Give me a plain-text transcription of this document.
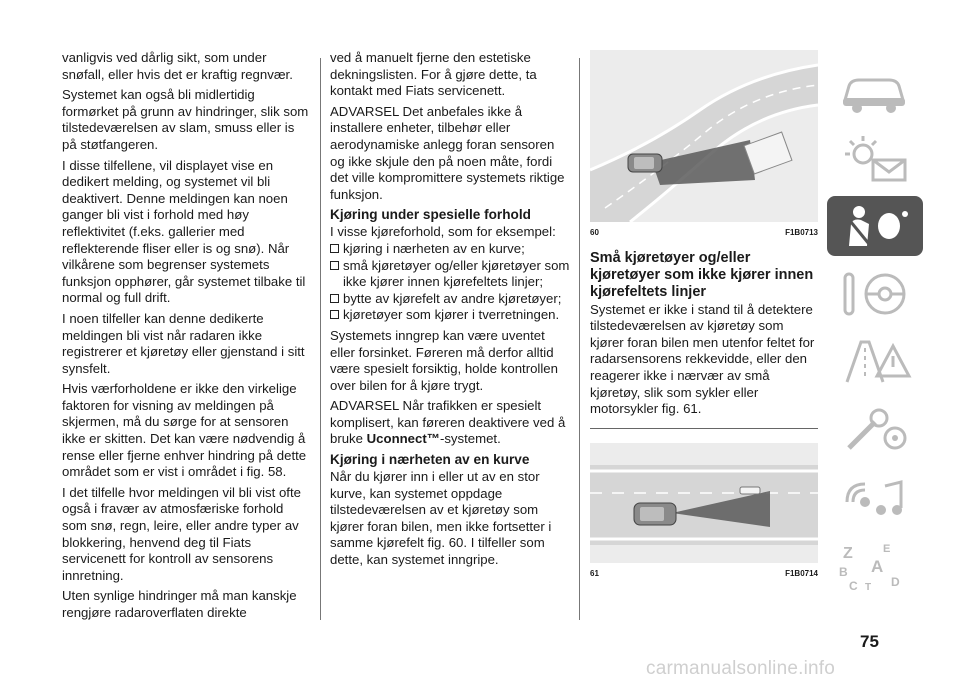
vanligvis ved dårlig sikt, som under snøfall, eller hvis det er kraftig regnvær.

Systemet kan også bli midlertidig formørket på grunn av hindringer, slik som tilstedeværelsen av slam, smuss eller is på støtfangeren.

I disse tilfellene, vil displayet vise en dedikert melding, og systemet vil bli deaktivert. Denne meldingen kan noen ganger bli vist i forhold med høy reflektivitet (f.eks. gallerier med reflekterende fliser eller is og snø). Når vilkårene som begrenser systemets funksjon opphører, går systemet tilbake til normal og full drift.

I noen tilfeller kan denne dedikerte meldingen bli vist når radaren ikke registrerer et kjøretøy eller gjenstand i sitt synsfelt.

Hvis værforholdene er ikke den virkelige faktoren for visning av meldingen på skjermen, må du sørge for at sensoren ikke er skitten. Det kan være nødvendig å rense eller fjerne enhver hindring på dette området som er vist i området i fig. 58.

I det tilfelle hvor meldingen vil bli vist ofte også i fravær av atmosfæriske forhold som snø, regn, leire, eller andre typer av blokkering, henvend deg til Fiats servicenett for kontroll av sensorens innretning.

Uten synlige hindringer må man kanskje rengjøre radaroverflaten direkte

ved å manuelt fjerne den estetiske dekningslisten. For å gjøre dette, ta kontakt med Fiats servicenett.

ADVARSEL Det anbefales ikke å installere enheter, tilbehør eller aerodynamiske anlegg foran sensoren og ikke skjule den på noen måte, fordi det ville kompromittere systemets riktige funksjon.

Kjøring under spesielle forhold

I visse kjøreforhold, som for eksempel:

kjøring i nærheten av en kurve;
små kjøretøyer og/eller kjøretøyer som ikke kjører innen kjørefeltets linjer;
bytte av kjørefelt av andre kjøretøyer;
kjøretøyer som kjører i tverretningen.

Systemets inngrep kan være uventet eller forsinket. Føreren må derfor alltid være spesielt forsiktig, holde kontrollen over bilen for å kjøre trygt.

ADVARSEL Når trafikken er spesielt komplisert, kan føreren deaktivere ved å bruke Uconnect™-systemet.

Kjøring i nærheten av en kurve

Når du kjører inn i eller ut av en stor kurve, kan systemet oppdage tilstedeværelsen av et kjøretøy som kjører foran bilen, men ikke fortsetter i samme kjørefelt fig. 60. I tilfeller som dette, kan systemet inngripe.

60	F1B0713
Små kjøretøyer og/eller kjøretøyer som ikke kjører innen kjørefeltets linjer

Systemet er ikke i stand til å detektere tilstedeværelsen av kjøretøy som kjører foran bilen men utenfor feltet for radarsensorens rekkevidde, eller den reagerer ikke i nærvær av små kjøretøy, slik som sykler eller motorsykler fig. 61.

61	F1B0714
Z	E
A
B
C	D
T
75
carmanualsonline.info
